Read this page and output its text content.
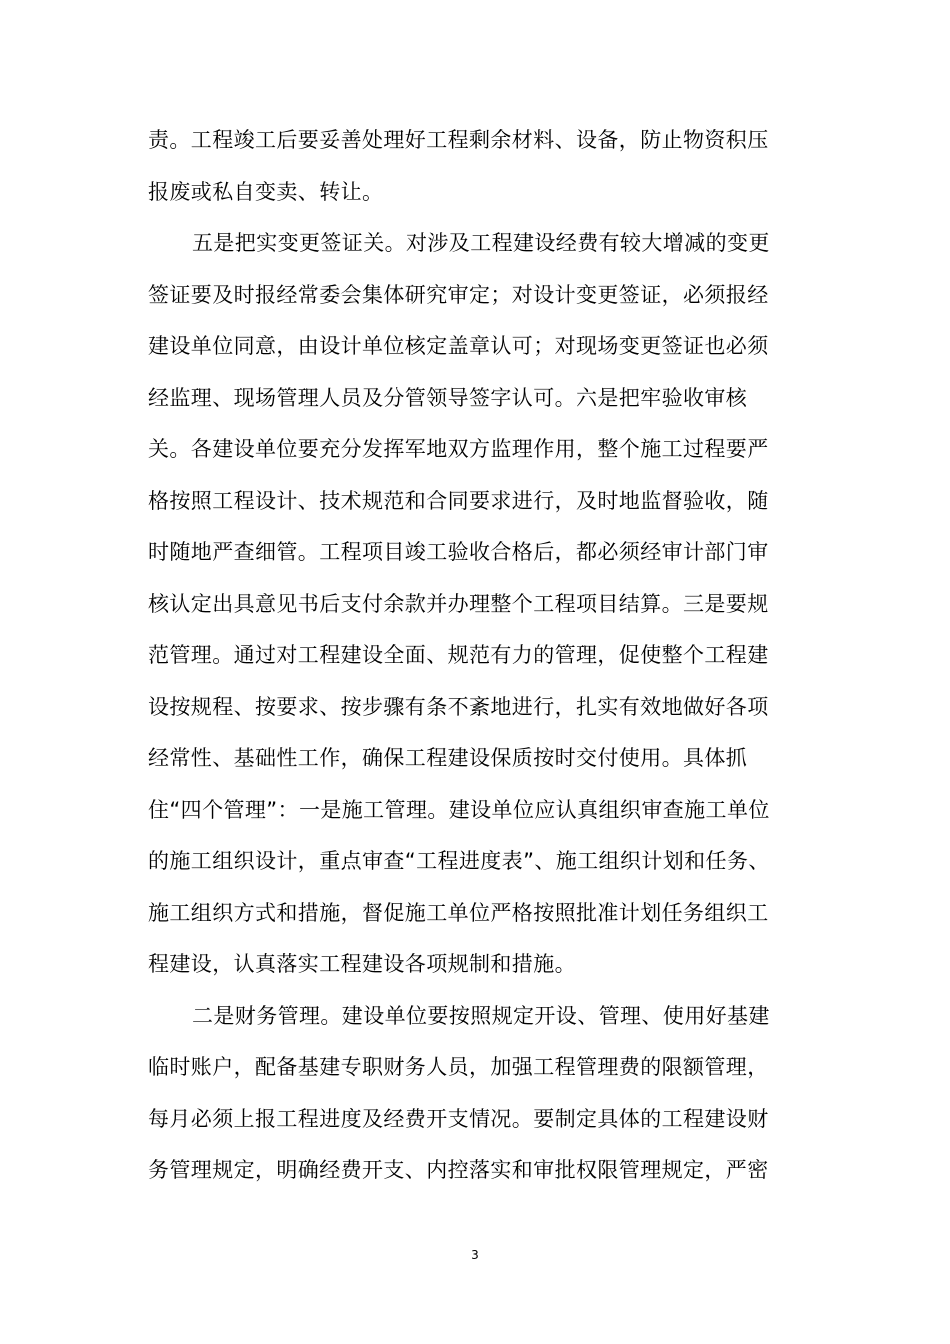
责。工程竣工后要妥善处理好工程剩余材料、设备，防止物资积压
报废或私自变卖、转让。
五是把实变更签证关。对涉及工程建设经费有较大增减的变更
签证要及时报经常委会集体研究审定；对设计变更签证，必须报经
建设单位同意，由设计单位核定盖章认可；对现场变更签证也必须
经监理、现场管理人员及分管领导签字认可。六是把牢验收审核
关。各建设单位要充分发挥军地双方监理作用，整个施工过程要严
格按照工程设计、技术规范和合同要求进行，及时地监督验收，随
时随地严查细管。工程项目竣工验收合格后，都必须经审计部门审
核认定出具意见书后支付余款并办理整个工程项目结算。三是要规
范管理。通过对工程建设全面、规范有力的管理，促使整个工程建
设按规程、按要求、按步骤有条不紊地进行，扎实有效地做好各项
经常性、基础性工作，确保工程建设保质按时交付使用。具体抓
住“四个管理”：一是施工管理。建设单位应认真组织审查施工单位
的施工组织设计，重点审查“工程进度表”、施工组织计划和任务、
施工组织方式和措施，督促施工单位严格按照批准计划任务组织工
程建设，认真落实工程建设各项规制和措施。
二是财务管理。建设单位要按照规定开设、管理、使用好基建
临时账户，配备基建专职财务人员，加强工程管理费的限额管理，
每月必须上报工程进度及经费开支情况。要制定具体的工程建设财
务管理规定，明确经费开支、内控落实和审批权限管理规定，严密
3
